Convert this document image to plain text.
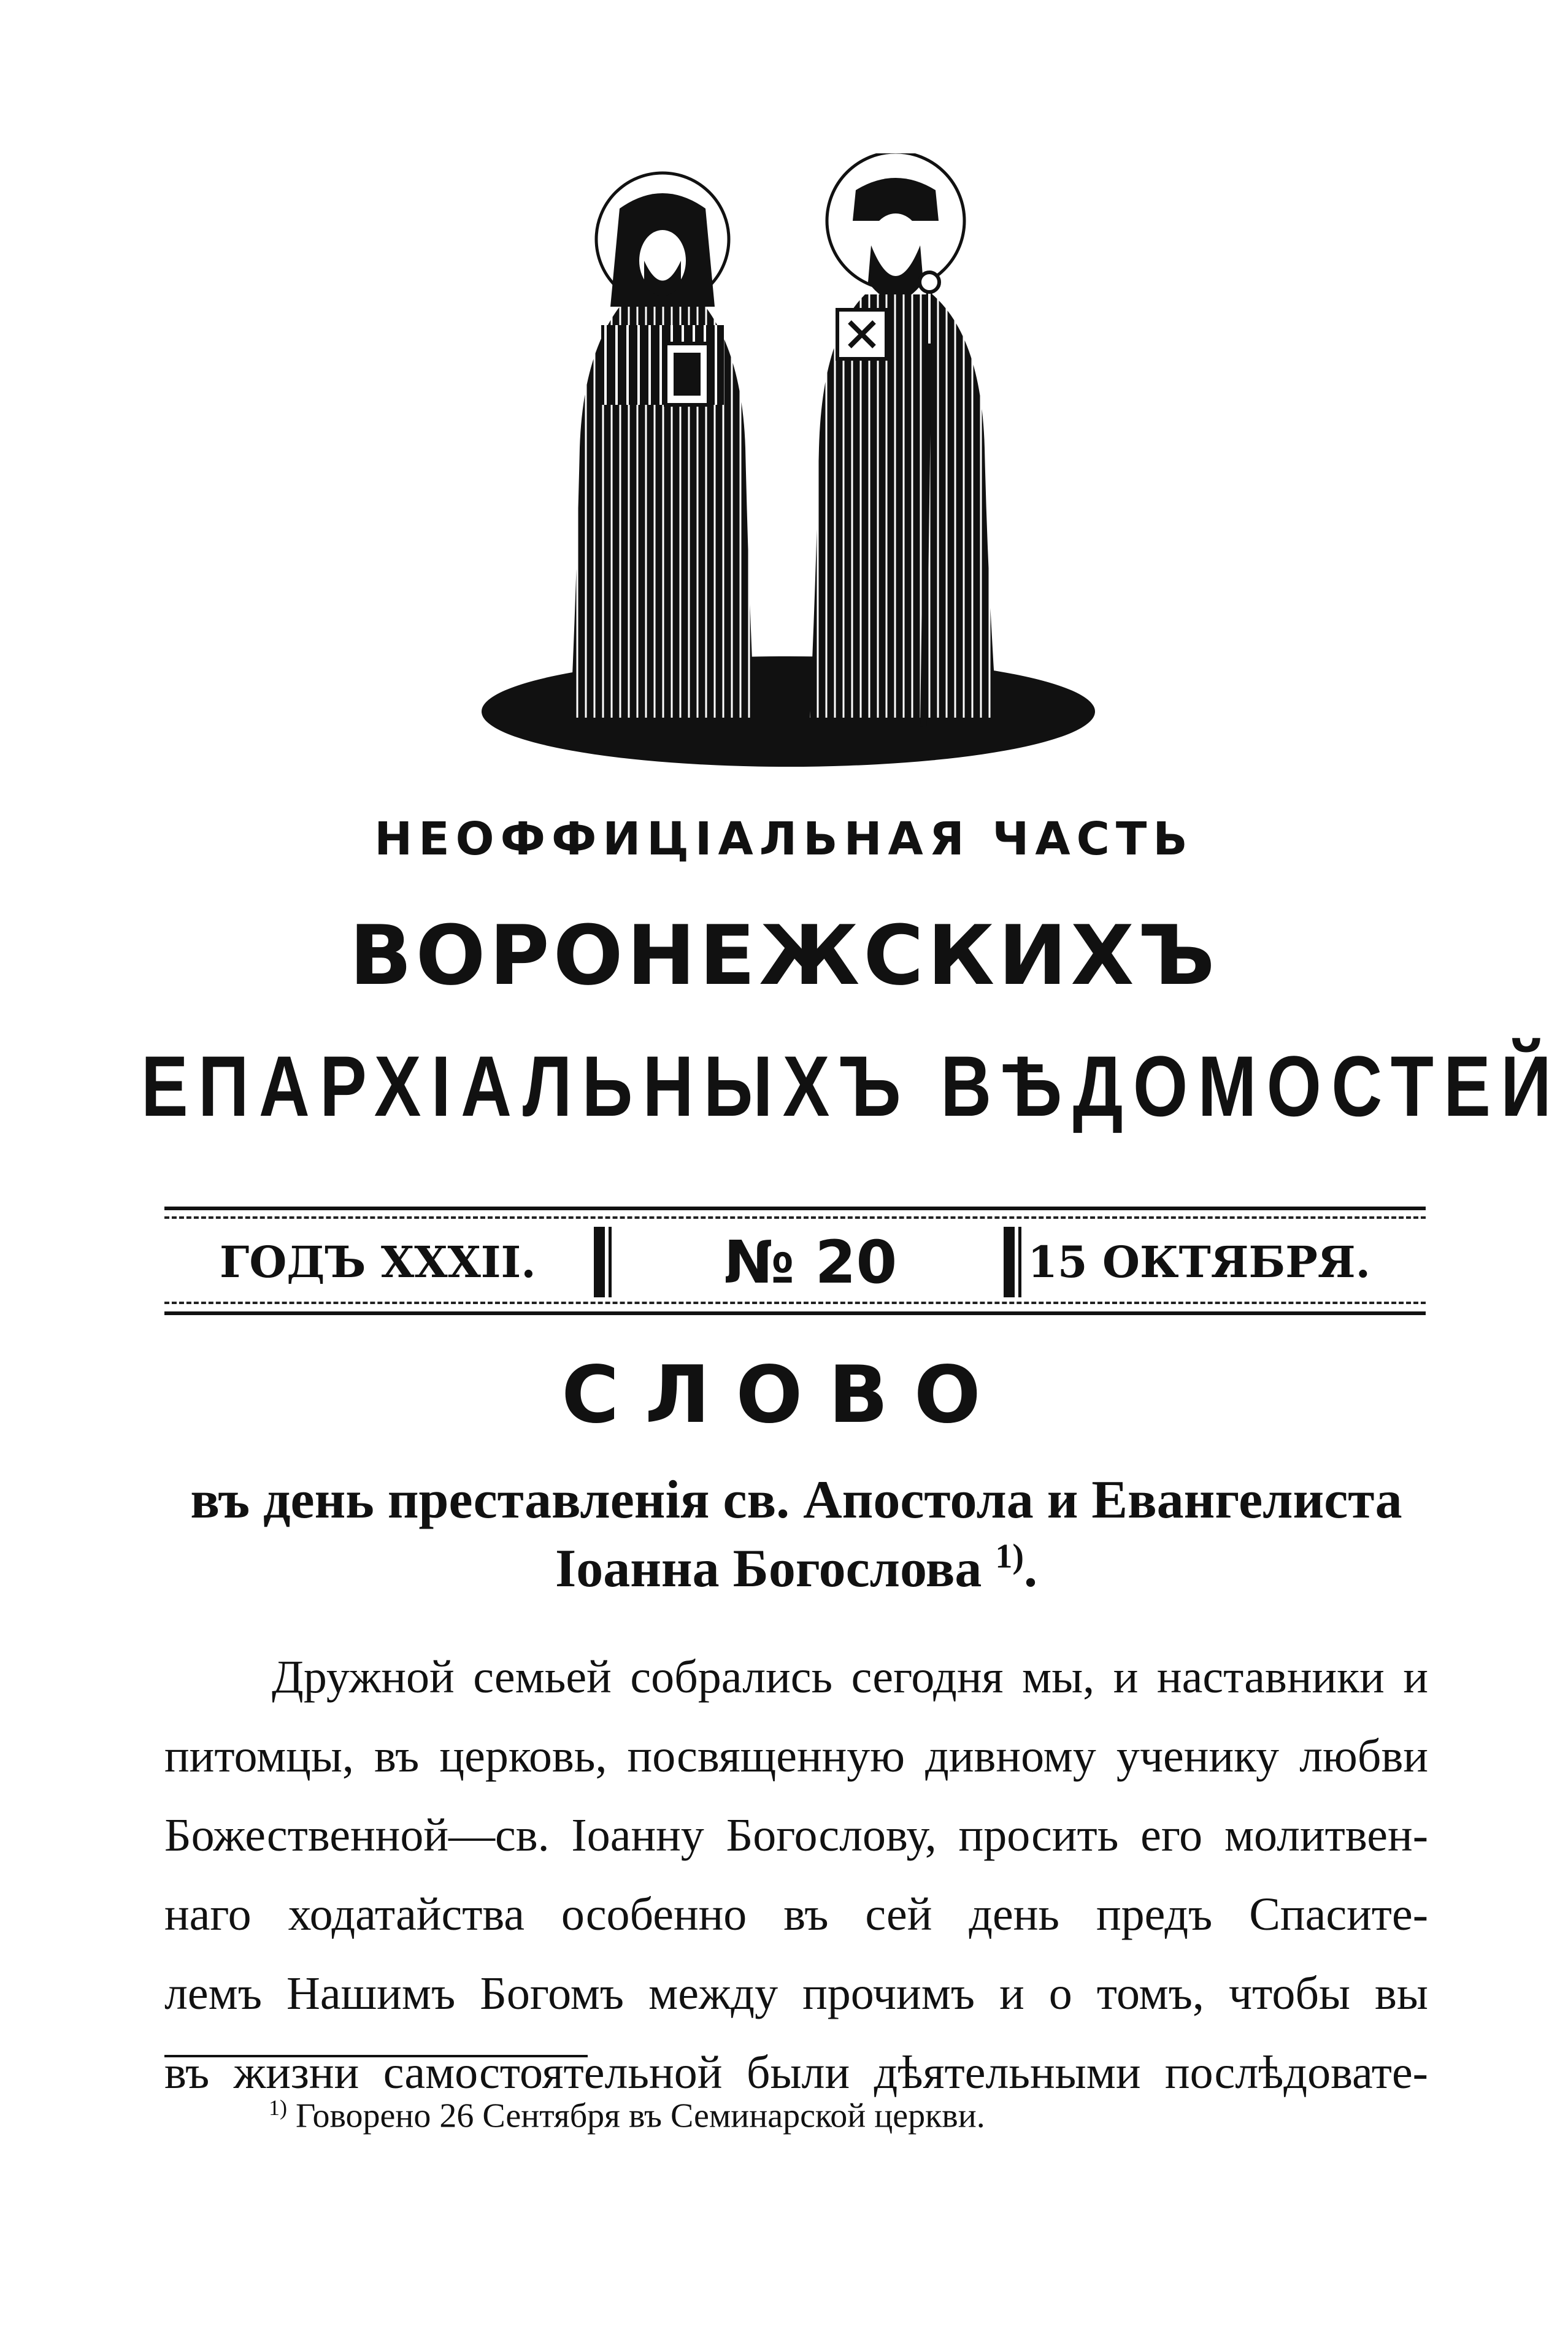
НЕОФФИЦІАЛЬНАЯ ЧАСТЬ
ВОРОНЕЖСКИХЪ
ЕПАРХІАЛЬНЫХЪ ВѢДОМОСТЕЙ
ГОДЪ XXXII.	№ 20	15 ОКТЯБРЯ.
СЛОВО
въ день преставленія св. Апостола и Евангелиста
Іоанна Богослова $^{1)}$.
Дружной семьей собрались сегодня мы, и наставники и
питомцы, въ церковь, посвященную дивному ученику любви
Божественной—св. Іоанну Богослову, просить его молитвен-
наго ходатайства особенно въ сей день предъ Спасите-
лемъ Нашимъ Богомъ между прочимъ и о томъ, чтобы вы
въ жизни самостоятельной были дѣятельными послѣдовате-
$^{1)}$ Говорено 26 Сентября въ Семинарской церкви.
